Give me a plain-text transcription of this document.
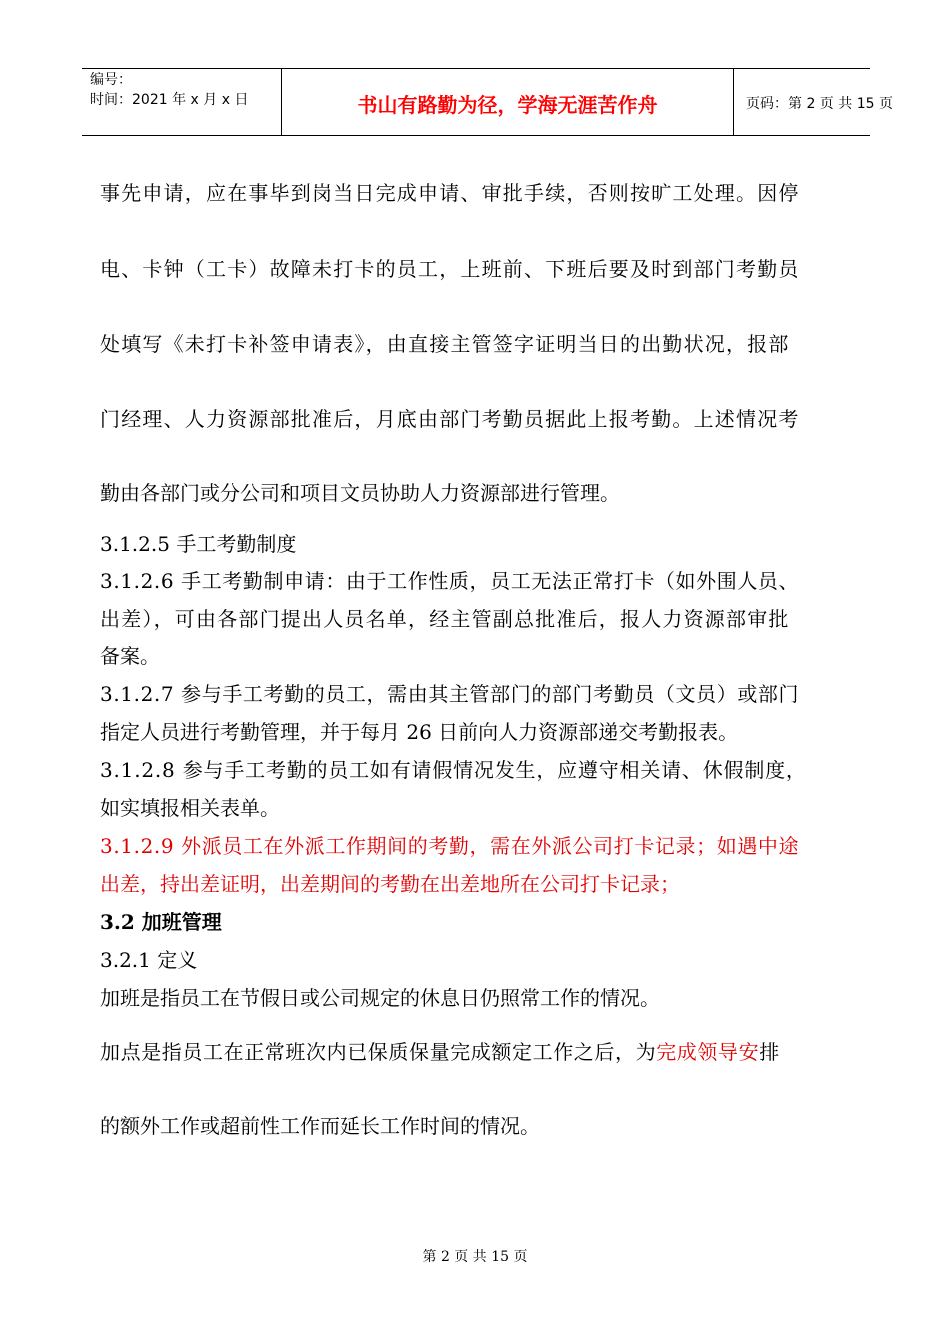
编号：
时间：2021 年 x 月 x 日	书山有路勤为径，学海无涯苦作舟	页码：第 2 页 共 15 页
事先申请，应在事毕到岗当日完成申请、审批手续，否则按旷工处理。因停
电、卡钟（工卡）故障未打卡的员工，上班前、下班后要及时到部门考勤员
处填写《未打卡补签申请表》，由直接主管签字证明当日的出勤状况，报部
门经理、人力资源部批准后，月底由部门考勤员据此上报考勤。上述情况考
勤由各部门或分公司和项目文员协助人力资源部进行管理。
3.1.2.5 手工考勤制度
3.1.2.6 手工考勤制申请：由于工作性质，员工无法正常打卡（如外围人员、
出差），可由各部门提出人员名单，经主管副总批准后，报人力资源部审批
备案。
3.1.2.7 参与手工考勤的员工，需由其主管部门的部门考勤员（文员）或部门
指定人员进行考勤管理，并于每月 26 日前向人力资源部递交考勤报表。
3.1.2.8 参与手工考勤的员工如有请假情况发生，应遵守相关请、休假制度，
如实填报相关表单。
3.1.2.9 外派员工在外派工作期间的考勤，需在外派公司打卡记录；如遇中途
出差，持出差证明，出差期间的考勤在出差地所在公司打卡记录；
3.2 加班管理
3.2.1 定义
加班是指员工在节假日或公司规定的休息日仍照常工作的情况。
加点是指员工在正常班次内已保质保量完成额定工作之后，为完成领导安排
的额外工作或超前性工作而延长工作时间的情况。
第 2 页 共 15 页
